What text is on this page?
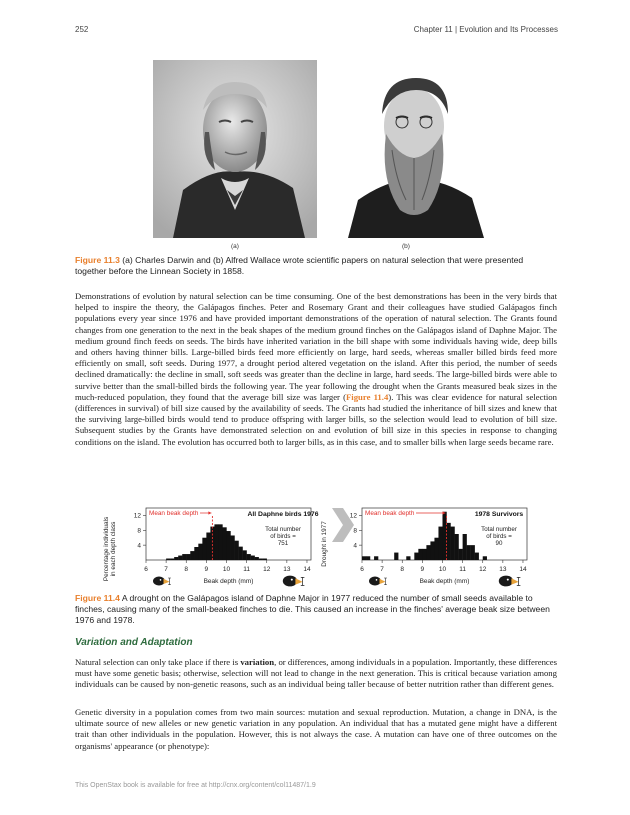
252	Chapter 11 | Evolution and Its Processes
(a)	(b)
Figure 11.3 (a) Charles Darwin and (b) Alfred Wallace wrote scientific papers on natural selection that were presented together before the Linnean Society in 1858.
Demonstrations of evolution by natural selection can be time consuming. One of the best demonstrations has been in the very birds that helped to inspire the theory, the Galápagos finches. Peter and Rosemary Grant and their colleagues have studied Galápagos finch populations every year since 1976 and have provided important demonstrations of the operation of natural selection. The Grants found changes from one generation to the next in the beak shapes of the medium ground finches on the Galápagos island of Daphne Major. The medium ground finch feeds on seeds. The birds have inherited variation in the bill shape with some individuals having wide, deep bills and others having thinner bills. Large-billed birds feed more efficiently on large, hard seeds, whereas smaller billed birds feed more efficiently on small, soft seeds. During 1977, a drought period altered vegetation on the island. After this period, the number of seeds declined dramatically: the decline in small, soft seeds was greater than the decline in large, hard seeds. The large-billed birds were able to survive better than the small-billed birds the following year. The year following the drought when the Grants measured beak sizes in the much-reduced population, they found that the average bill size was larger (Figure 11.4). This was clear evidence for natural selection (differences in survival) of bill size caused by the availability of seeds. The Grants had studied the inheritance of bill sizes and knew that the surviving large-billed birds would tend to produce offspring with larger bills, so the selection would lead to evolution of bill size. Subsequent studies by the Grants have demonstrated selection on and evolution of bill size in this species in response to changing conditions on the island. The evolution has occurred both to larger bills, as in this case, and to smaller bills when large seeds became rare.
Percentage individuals in each depth class	4
8
12
6	7	8	9 10 11 12 13 14
Mean beak depth	All Daphne birds 1976
Total number
of birds =
751
Beak depth (mm)
Drought in 1977	4
8
12
6	7	8	9 10 11 12 13 14
Mean beak depth	1978 Survivors
Total number
of birds =
90
Beak depth (mm)
Figure 11.4 A drought on the Galápagos island of Daphne Major in 1977 reduced the number of small seeds available to finches, causing many of the small-beaked finches to die. This caused an increase in the finches' average beak size between 1976 and 1978.
Variation and Adaptation
Natural selection can only take place if there is variation, or differences, among individuals in a population. Importantly, these differences must have some genetic basis; otherwise, selection will not lead to change in the next generation. This is critical because variation among individuals can be caused by non-genetic reasons, such as an individual being taller because of better nutrition rather than different genes.
Genetic diversity in a population comes from two main sources: mutation and sexual reproduction. Mutation, a change in DNA, is the ultimate source of new alleles or new genetic variation in any population. An individual that has a mutated gene might have a different trait than other individuals in the population. However, this is not always the case. A mutation can have one of three outcomes on the organisms' appearance (or phenotype):
This OpenStax book is available for free at http://cnx.org/content/col11487/1.9
